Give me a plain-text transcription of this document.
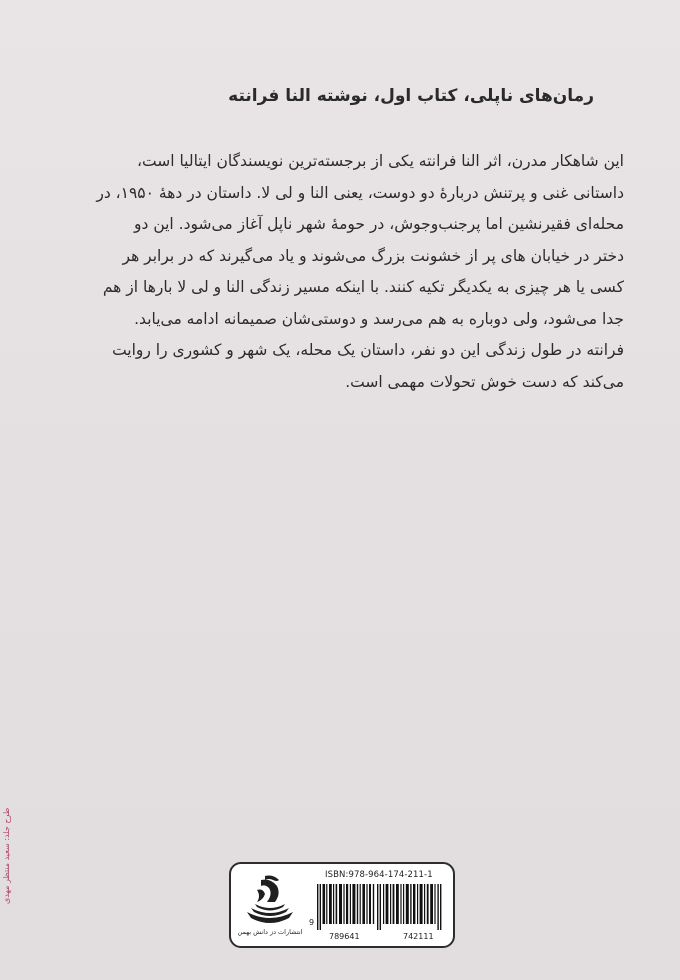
رمان‌های ناپلی، کتاب اول، نوشته النا فرانته
این شاهکار مدرن، اثر النا فرانته یکی از برجسته‌ترین نویسندگان ایتالیا است،
داستانی غنی و پرتنش درباره‌ٔ دو دوست، یعنی النا و لی لا. داستان در دهه‌ٔ ۱۹۵۰، در
محله‌ای فقیرنشین اما پرجنب‌وجوش، در حومه‌ٔ شهر ناپل آغاز می‌شود. این دو
دختر در خیابان های پر از خشونت بزرگ می‌شوند و یاد می‌گیرند که در برابر هر
کسی یا هر چیزی به یکدیگر تکیه کنند. با اینکه مسیر زندگی النا و لی لا بارها از هم
جدا می‌شود، ولی دوباره به هم می‌رسد و دوستی‌شان صمیمانه ادامه می‌یابد.
فرانته در طول زندگی این دو نفر، داستان یک محله، یک شهر و کشوری را روایت
می‌کند که دست خوش تحولات مهمی است.
طرح جلد: سعید منتظر مهدی
انتشارات دز دانش بهمن
ISBN:978-964-174-211-1
9
789641	742111
